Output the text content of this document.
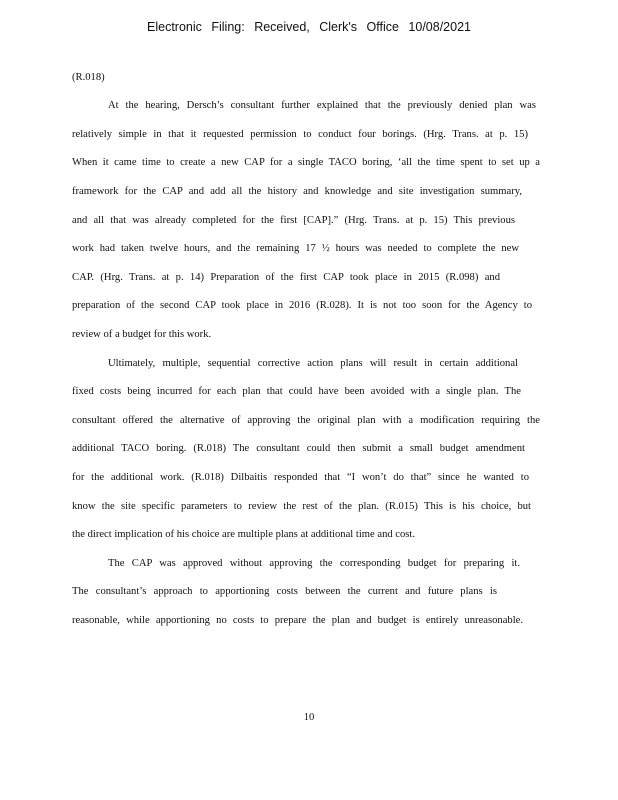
Electronic Filing: Received, Clerk's Office 10/08/2021
(R.018)
At the hearing, Dersch’s consultant further explained that the previously denied plan was
relatively simple in that it requested permission to conduct four borings. (Hrg. Trans. at p. 15)
When it came time to create a new CAP for a single TACO boring, ‘all the time spent to set up a
framework for the CAP and add all the history and knowledge and site investigation summary,
and all that was already completed for the first [CAP].” (Hrg. Trans. at p. 15) This previous
work had taken twelve hours, and the remaining 17 ½ hours was needed to complete the new
CAP. (Hrg. Trans. at p. 14) Preparation of the first CAP took place in 2015 (R.098) and
preparation of the second CAP took place in 2016 (R.028). It is not too soon for the Agency to
review of a budget for this work.
Ultimately, multiple, sequential corrective action plans will result in certain additional
fixed costs being incurred for each plan that could have been avoided with a single plan. The
consultant offered the alternative of approving the original plan with a modification requiring the
additional TACO boring. (R.018) The consultant could then submit a small budget amendment
for the additional work. (R.018) Dilbaitis responded that “I won’t do that” since he wanted to
know the site specific parameters to review the rest of the plan. (R.015) This is his choice, but
the direct implication of his choice are multiple plans at additional time and cost.
The CAP was approved without approving the corresponding budget for preparing it.
The consultant’s approach to apportioning costs between the current and future plans is
reasonable, while apportioning no costs to prepare the plan and budget is entirely unreasonable.
10
